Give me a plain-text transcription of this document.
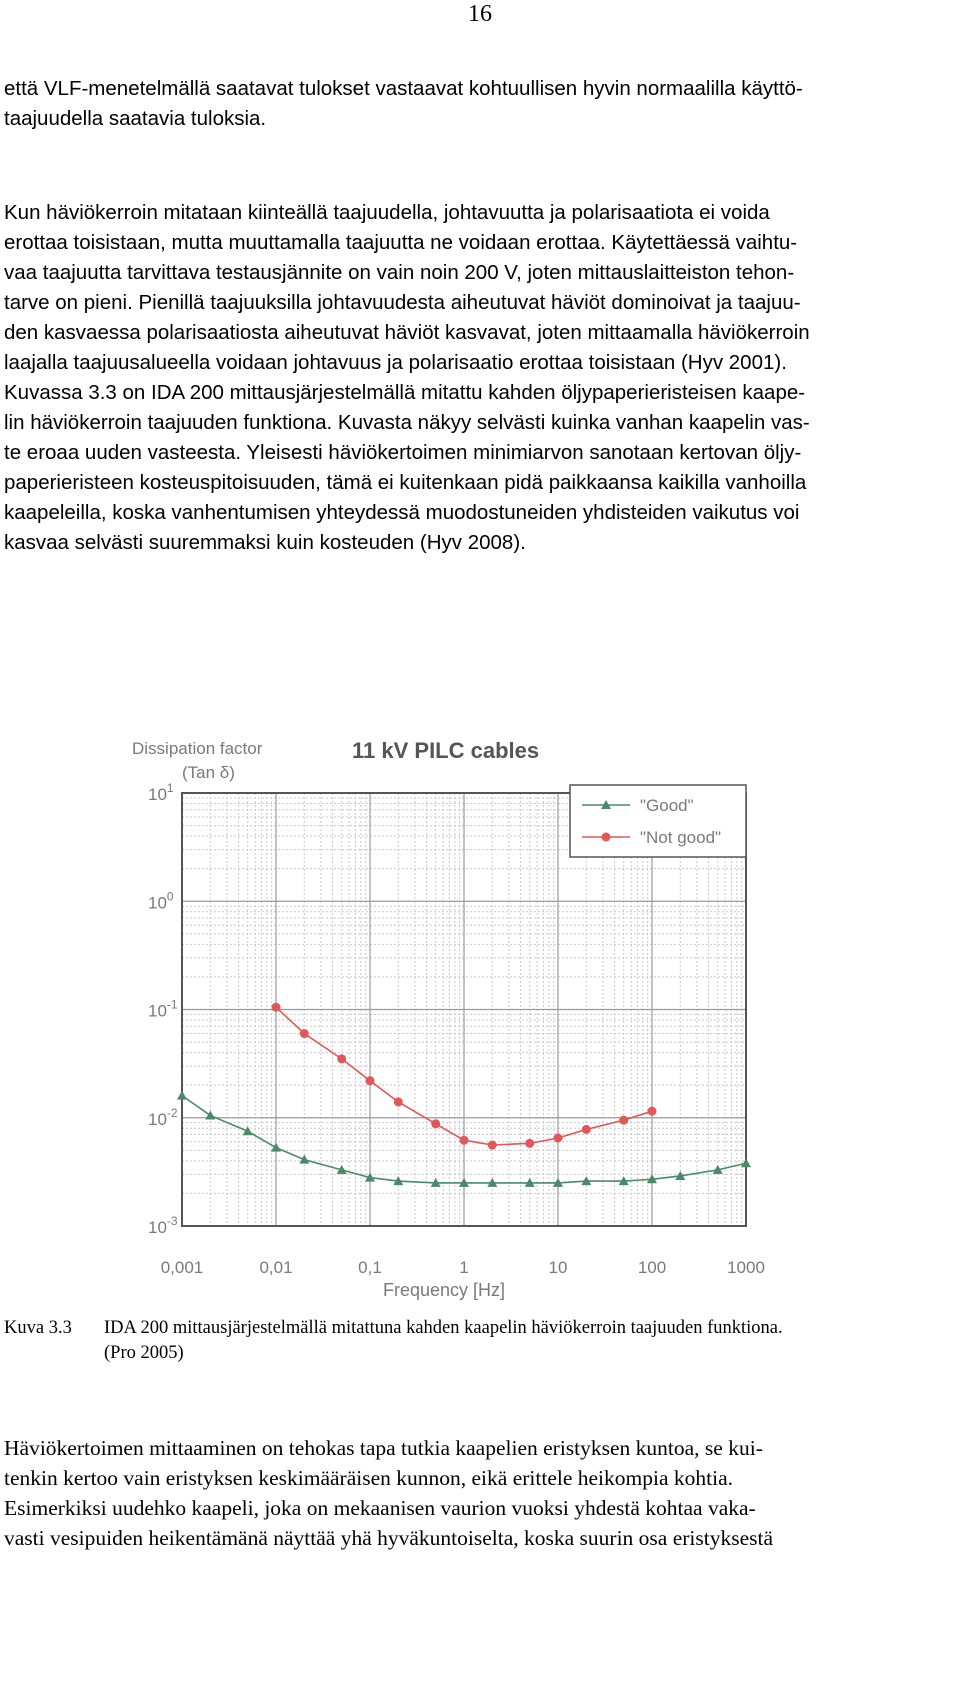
16
että VLF-menetelmällä saatavat tulokset vastaavat kohtuullisen hyvin normaalilla käyttö-
taajuudella saatavia tuloksia.
Kun häviökerroin mitataan kiinteällä taajuudella, johtavuutta ja polarisaatiota ei voida
erottaa toisistaan, mutta muuttamalla taajuutta ne voidaan erottaa. Käytettäessä vaihtu-
vaa taajuutta tarvittava testausjännite on vain noin 200 V, joten mittauslaitteiston tehon-
tarve on pieni. Pienillä taajuuksilla johtavuudesta aiheutuvat häviöt dominoivat ja taajuu-
den kasvaessa polarisaatiosta aiheutuvat häviöt kasvavat, joten mittaamalla häviökerroin
laajalla taajuusalueella voidaan johtavuus ja polarisaatio erottaa toisistaan (Hyv 2001).
Kuvassa 3.3 on IDA 200 mittausjärjestelmällä mitattu kahden öljypaperieristeisen kaape-
lin häviökerroin taajuuden funktiona. Kuvasta näkyy selvästi kuinka vanhan kaapelin vas-
te eroaa uuden vasteesta. Yleisesti häviökertoimen minimiarvon sanotaan kertovan öljy-
paperieristeen kosteuspitoisuuden, tämä ei kuitenkaan pidä paikkaansa kaikilla vanhoilla
kaapeleilla, koska vanhentumisen yhteydessä muodostuneiden yhdisteiden vaikutus voi
kasvaa selvästi suuremmaksi kuin kosteuden (Hyv 2008).
11 kV PILC cables
Dissipation factor
(Tan δ)
Frequency [Hz]
0,001	0,01	0,1	1	10	100	1000
$10^{-3}$
$10^{-2}$
$10^{-1}$
$10^0$
$10^1$
"Good"
"Not good"
Kuva 3.3 IDA 200 mittausjärjestelmällä mitattuna kahden kaapelin häviökerroin taajuuden funktiona.
(Pro 2005)
Häviökertoimen mittaaminen on tehokas tapa tutkia kaapelien eristyksen kuntoa, se kui-
tenkin kertoo vain eristyksen keskimääräisen kunnon, eikä erittele heikompia kohtia.
Esimerkiksi uudehko kaapeli, joka on mekaanisen vaurion vuoksi yhdestä kohtaa vaka-
vasti vesipuiden heikentämänä näyttää yhä hyväkuntoiselta, koska suurin osa eristyksestä
